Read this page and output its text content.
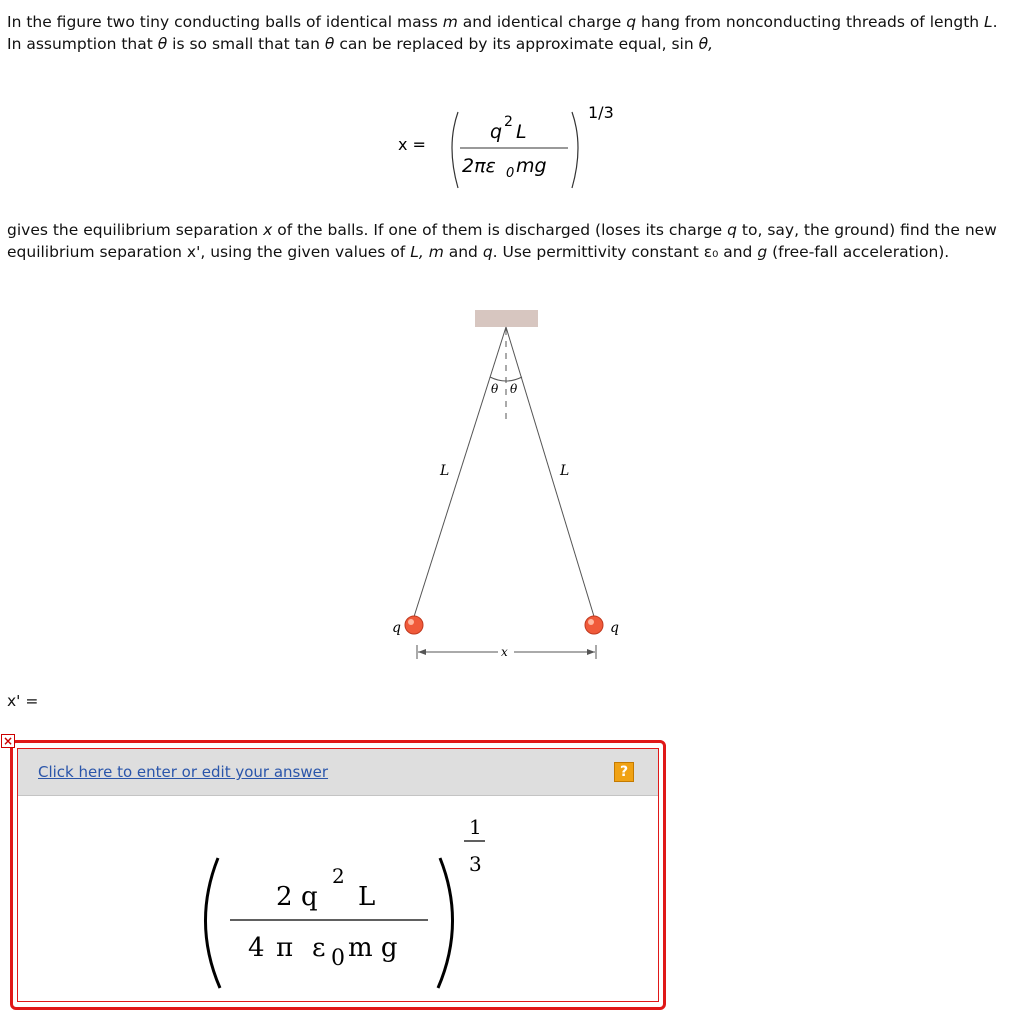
In the figure two tiny conducting balls of identical mass m and identical charge q hang from nonconducting threads of length L. In assumption that θ is so small that tan θ can be replaced by its approximate equal, sin θ,

x =
q 2 L
2πε 0 mg
1/3

gives the equilibrium separation x of the balls. If one of them is discharged (loses its charge q to, say, the ground) find the new equilibrium separation x', using the given values of L, m and q. Use permittivity constant ε₀ and g (free-fall acceleration).

θ θ
L	L
q	q
x
x' =
Click here to enter or edit your answer	?
×
2 q
2
L
4 π ε 0 m g
1
3
